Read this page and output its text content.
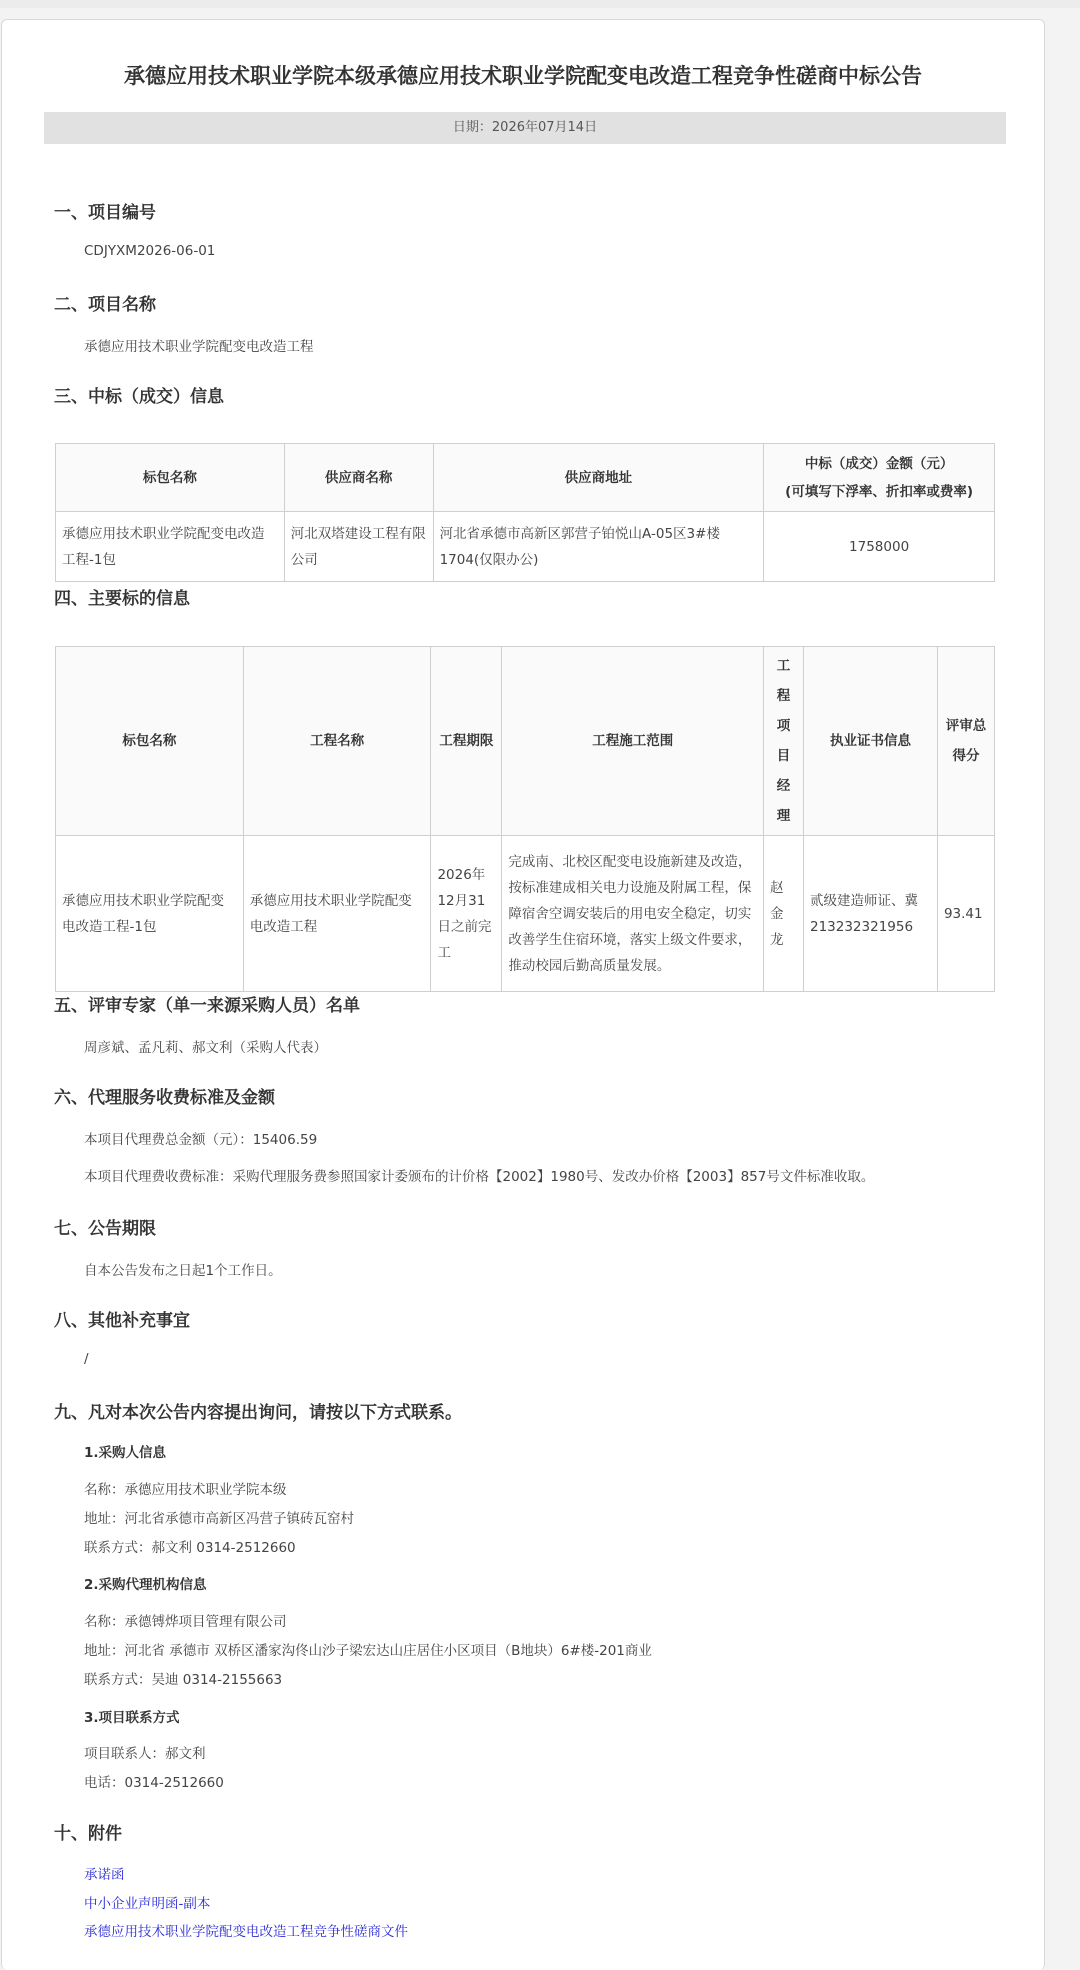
承德应用技术职业学院本级承德应用技术职业学院配变电改造工程竞争性磋商中标公告
日期：2026年07月14日
一、项目编号
CDJYXM2026-06-01
二、项目名称
承德应用技术职业学院配变电改造工程
三、中标（成交）信息
标包名称	供应商名称	供应商地址	中标（成交）金额（元）
(可填写下浮率、折扣率或费率)

承德应用技术职业学院配变电改造工程-1包	河北双塔建设工程有限公司	河北省承德市高新区郭营子铂悦山A-05区3#楼1704(仅限办公)	1758000
四、主要标的信息
标包名称	工程名称	工程期限	工程施工范围	工程项目经理	执业证书信息	评审总得分
承德应用技术职业学院配变电改造工程-1包	承德应用技术职业学院配变电改造工程	2026年12月31日之前完工	完成南、北校区配变电设施新建及改造，按标准建成相关电力设施及附属工程，保障宿舍空调安装后的用电安全稳定，切实改善学生住宿环境，落实上级文件要求，推动校园后勤高质量发展。	赵金龙	贰级建造师证、冀213232321956	93.41
五、评审专家（单一来源采购人员）名单
周彦斌、孟凡莉、郝文利（采购人代表）
六、代理服务收费标准及金额
本项目代理费总金额（元）：15406.59
本项目代理费收费标准：采购代理服务费参照国家计委颁布的计价格【2002】1980号、发改办价格【2003】857号文件标准收取。
七、公告期限
自本公告发布之日起1个工作日。
八、其他补充事宜
/
九、凡对本次公告内容提出询问，请按以下方式联系。
1.采购人信息
名称：承德应用技术职业学院本级
地址：河北省承德市高新区冯营子镇砖瓦窑村
联系方式：郝文利 0314-2512660
2.采购代理机构信息
名称：承德镈烨项目管理有限公司
地址：河北省 承德市 双桥区潘家沟佟山沙子梁宏达山庄居住小区项目（B地块）6#楼-201商业
联系方式：吴迪 0314-2155663
3.项目联系方式
项目联系人：郝文利
电话：0314-2512660
十、附件
承诺函
中小企业声明函-副本
承德应用技术职业学院配变电改造工程竞争性磋商文件
